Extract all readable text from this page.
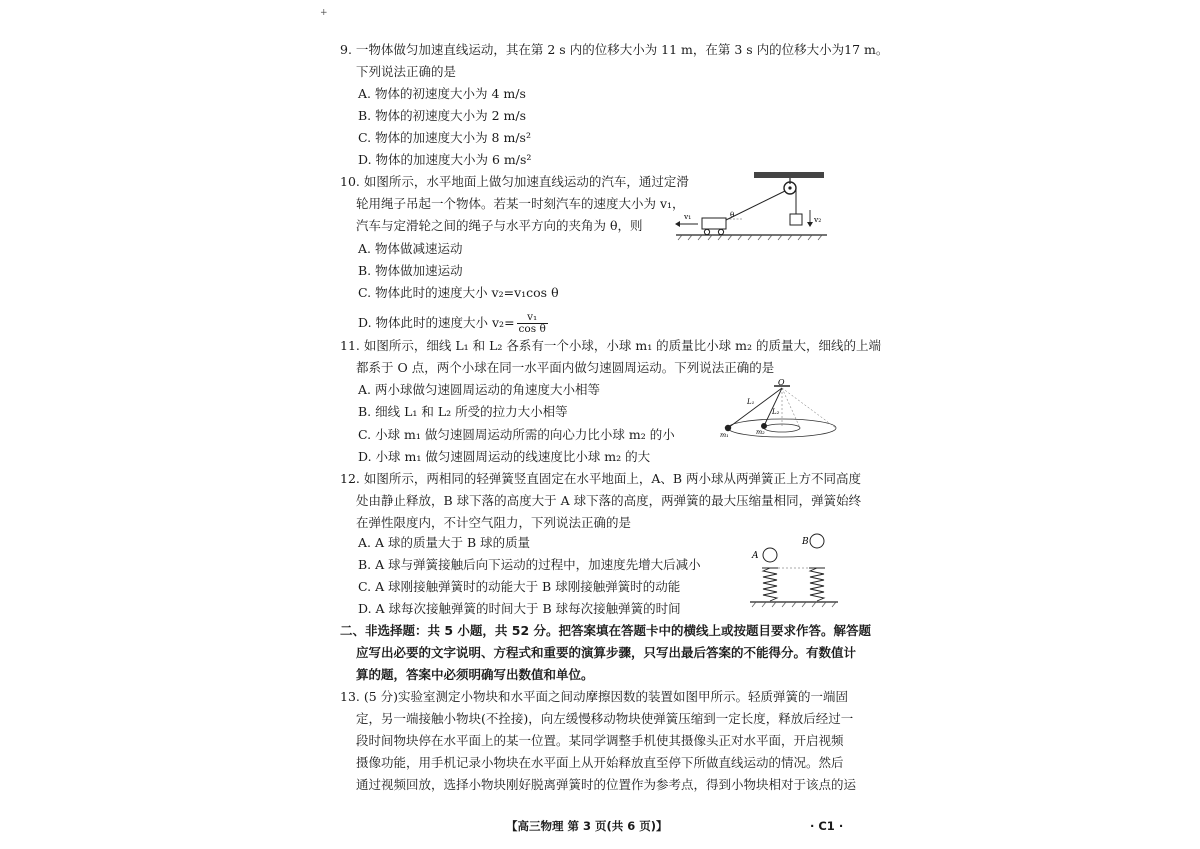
+
9. 一物体做匀加速直线运动，其在第 2 s 内的位移大小为 11 m，在第 3 s 内的位移大小为17 m。
下列说法正确的是
A. 物体的初速度大小为 4 m/s
B. 物体的初速度大小为 2 m/s
C. 物体的加速度大小为 8 m/s²
D. 物体的加速度大小为 6 m/s²
10. 如图所示，水平地面上做匀加速直线运动的汽车，通过定滑
轮用绳子吊起一个物体。若某一时刻汽车的速度大小为 v₁，
汽车与定滑轮之间的绳子与水平方向的夹角为 θ，则
A. 物体做减速运动
B. 物体做加速运动
C. 物体此时的速度大小 v₂=v₁cos θ
D. 物体此时的速度大小 $v_2= \frac{\text{v₁}}{\text{cos θ}}$
v₂
v₁	θ
11. 如图所示，细线 L₁ 和 L₂ 各系有一个小球，小球 m₁ 的质量比小球 m₂ 的质量大，细线的上端
都系于 O 点，两个小球在同一水平面内做匀速圆周运动。下列说法正确的是
A. 两小球做匀速圆周运动的角速度大小相等
B. 细线 L₁ 和 L₂ 所受的拉力大小相等
C. 小球 m₁ 做匀速圆周运动所需的向心力比小球 m₂ 的小
D. 小球 m₁ 做匀速圆周运动的线速度比小球 m₂ 的大
O
L₁
L₂
m₁	m₂
12. 如图所示，两相同的轻弹簧竖直固定在水平地面上，A、B 两小球从两弹簧正上方不同高度
处由静止释放，B 球下落的高度大于 A 球下落的高度，两弹簧的最大压缩量相同，弹簧始终
在弹性限度内，不计空气阻力，下列说法正确的是
A. A 球的质量大于 B 球的质量
B. A 球与弹簧接触后向下运动的过程中，加速度先增大后减小
C. A 球刚接触弹簧时的动能大于 B 球刚接触弹簧时的动能
D. A 球每次接触弹簧的时间大于 B 球每次接触弹簧的时间
A
B
二、非选择题：共 5 小题，共 52 分。把答案填在答题卡中的横线上或按题目要求作答。解答题
应写出必要的文字说明、方程式和重要的演算步骤，只写出最后答案的不能得分。有数值计
算的题，答案中必须明确写出数值和单位。
13. (5 分)实验室测定小物块和水平面之间动摩擦因数的装置如图甲所示。轻质弹簧的一端固
定，另一端接触小物块(不拴接)，向左缓慢移动物块使弹簧压缩到一定长度，释放后经过一
段时间物块停在水平面上的某一位置。某同学调整手机使其摄像头正对水平面，开启视频
摄像功能，用手机记录小物块在水平面上从开始释放直至停下所做直线运动的情况。然后
通过视频回放，选择小物块刚好脱离弹簧时的位置作为参考点，得到小物块相对于该点的运
【高三物理 第 3 页(共 6 页)】	· C1 ·
